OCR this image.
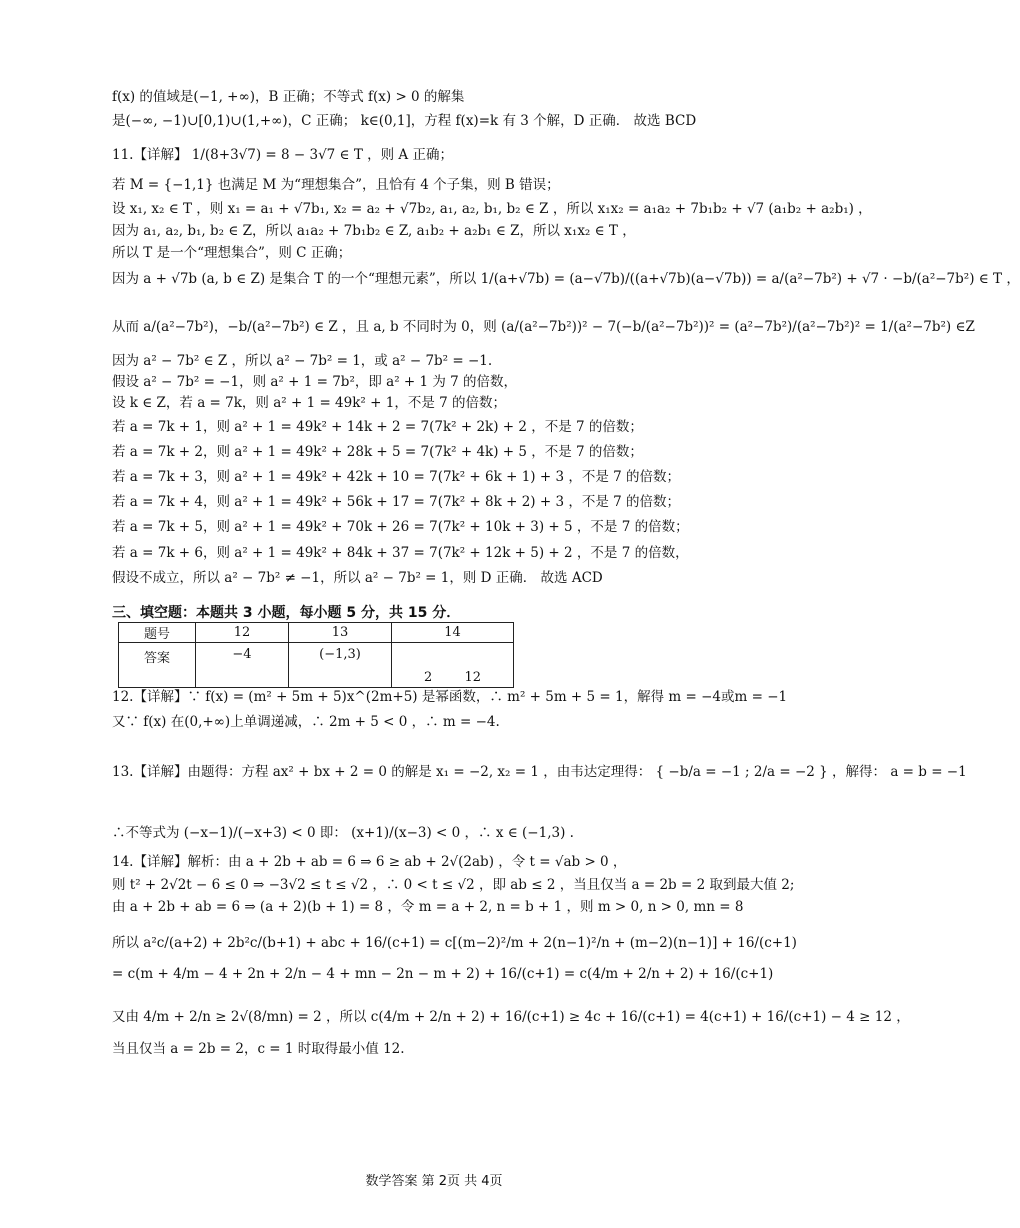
三、填空题：本题共 3 小题，每小题 5 分，共 15 分．
题号	12	13	14
答案	−4	(−1,3)	2 12
数学答案 第 2页 共 4页
f(x) 的值域是(−1, +∞)，B 正确；不等式 f(x) > 0 的解集
是(−∞, −1)∪[0,1)∪(1,+∞)，C 正确； k∈(0,1]，方程 f(x)=k 有 3 个解，D 正确． 故选 BCD
11.【详解】 1/(8+3√7) = 8 − 3√7 ∈ T ，则 A 正确；
若 M = {−1,1} 也满足 M 为“理想集合”，且恰有 4 个子集，则 B 错误；
设 x₁, x₂ ∈ T ，则 x₁ = a₁ + √7b₁, x₂ = a₂ + √7b₂, a₁, a₂, b₁, b₂ ∈ Z ，所以 x₁x₂ = a₁a₂ + 7b₁b₂ + √7 (a₁b₂ + a₂b₁) ，
因为 a₁, a₂, b₁, b₂ ∈ Z，所以 a₁a₂ + 7b₁b₂ ∈ Z, a₁b₂ + a₂b₁ ∈ Z，所以 x₁x₂ ∈ T ，
所以 T 是一个“理想集合”，则 C 正确；
因为 a + √7b (a, b ∈ Z) 是集合 T 的一个“理想元素”，所以 1/(a+√7b) = (a−√7b)/((a+√7b)(a−√7b)) = a/(a²−7b²) + √7 · −b/(a²−7b²) ∈ T ，
从而 a/(a²−7b²)，−b/(a²−7b²) ∈ Z ，且 a, b 不同时为 0，则 (a/(a²−7b²))² − 7(−b/(a²−7b²))² = (a²−7b²)/(a²−7b²)² = 1/(a²−7b²) ∈Z
因为 a² − 7b² ∈ Z ，所以 a² − 7b² = 1，或 a² − 7b² = −1.
假设 a² − 7b² = −1，则 a² + 1 = 7b²，即 a² + 1 为 7 的倍数，
设 k ∈ Z，若 a = 7k，则 a² + 1 = 49k² + 1，不是 7 的倍数；
若 a = 7k + 1，则 a² + 1 = 49k² + 14k + 2 = 7(7k² + 2k) + 2 ，不是 7 的倍数；
若 a = 7k + 2，则 a² + 1 = 49k² + 28k + 5 = 7(7k² + 4k) + 5 ，不是 7 的倍数；
若 a = 7k + 3，则 a² + 1 = 49k² + 42k + 10 = 7(7k² + 6k + 1) + 3 ，不是 7 的倍数；
若 a = 7k + 4，则 a² + 1 = 49k² + 56k + 17 = 7(7k² + 8k + 2) + 3 ，不是 7 的倍数；
若 a = 7k + 5，则 a² + 1 = 49k² + 70k + 26 = 7(7k² + 10k + 3) + 5 ，不是 7 的倍数；
若 a = 7k + 6，则 a² + 1 = 49k² + 84k + 37 = 7(7k² + 12k + 5) + 2 ，不是 7 的倍数，
假设不成立，所以 a² − 7b² ≠ −1，所以 a² − 7b² = 1，则 D 正确． 故选 ACD
12.【详解】∵ f(x) = (m² + 5m + 5)x^(2m+5) 是幂函数，∴ m² + 5m + 5 = 1，解得 m = −4或m = −1
又∵ f(x) 在(0,+∞)上单调递减，∴ 2m + 5 < 0 ，∴ m = −4.
13.【详解】由题得：方程 ax² + bx + 2 = 0 的解是 x₁ = −2, x₂ = 1 ，由韦达定理得： { −b/a = −1 ; 2/a = −2 } ，解得： a = b = −1
∴不等式为 (−x−1)/(−x+3) < 0 即： (x+1)/(x−3) < 0 ，∴ x ∈ (−1,3) .
14.【详解】解析：由 a + 2b + ab = 6 ⇒ 6 ≥ ab + 2√(2ab) ，令 t = √ab > 0 ，
则 t² + 2√2t − 6 ≤ 0 ⇒ −3√2 ≤ t ≤ √2 ，∴ 0 < t ≤ √2 ，即 ab ≤ 2 ，当且仅当 a = 2b = 2 取到最大值 2;
由 a + 2b + ab = 6 ⇒ (a + 2)(b + 1) = 8 ，令 m = a + 2, n = b + 1 ，则 m > 0, n > 0, mn = 8
所以 a²c/(a+2) + 2b²c/(b+1) + abc + 16/(c+1) = c[(m−2)²/m + 2(n−1)²/n + (m−2)(n−1)] + 16/(c+1)
= c(m + 4/m − 4 + 2n + 2/n − 4 + mn − 2n − m + 2) + 16/(c+1) = c(4/m + 2/n + 2) + 16/(c+1)
又由 4/m + 2/n ≥ 2√(8/mn) = 2 ，所以 c(4/m + 2/n + 2) + 16/(c+1) ≥ 4c + 16/(c+1) = 4(c+1) + 16/(c+1) − 4 ≥ 12 ，
当且仅当 a = 2b = 2，c = 1 时取得最小值 12.
